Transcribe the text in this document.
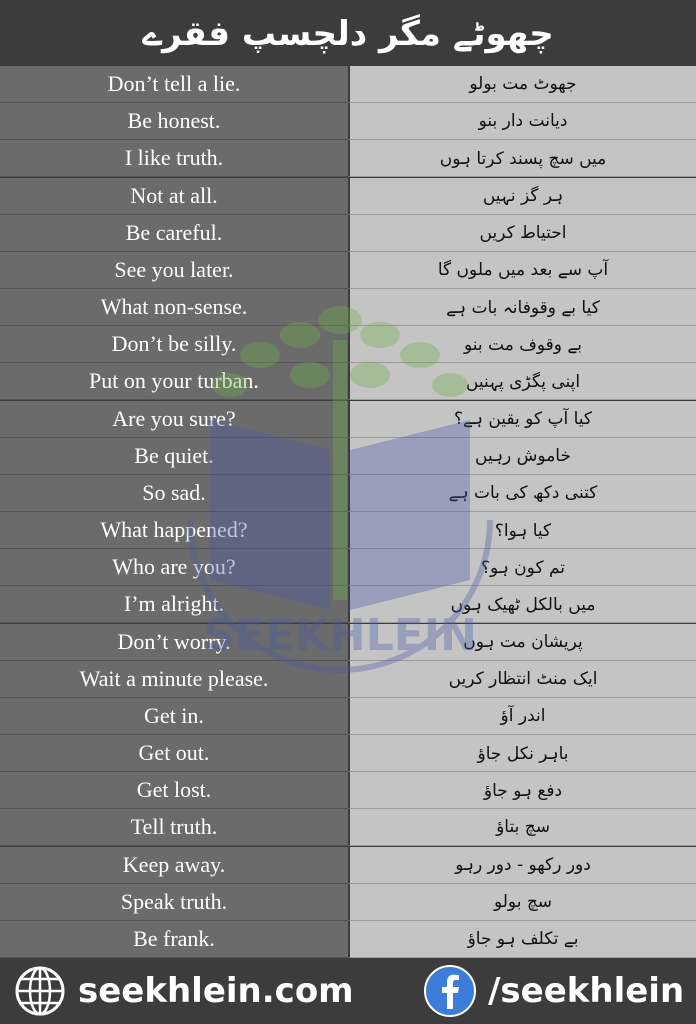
چھوٹے مگر دلچسپ فقرے
Don’t tell a lie.	جھوٹ مت بولو
Be honest.	دیانت دار بنو
I like truth.	میں سچ پسند کرتا ہوں
Not at all.	ہر گز نہیں
Be careful.	احتیاط کریں
See you later.	آپ سے بعد میں ملوں گا
What non-sense.	کیا بے وقوفانہ بات ہے
Don’t be silly.	بے وقوف مت بنو
Put on your turban.	اپنی پگڑی پہنیں
Are you sure?	کیا آپ کو یقین ہے؟
Be quiet.	خاموش رہیں
So sad.	کتنی دکھ کی بات ہے
What happened?	کیا ہوا؟
Who are you?	تم کون ہو؟
I’m alright.	میں بالکل ٹھیک ہوں
Don’t worry.	پریشان مت ہوں
Wait a minute please.	ایک منٹ انتظار کریں
Get in.	اندر آؤ
Get out.	باہر نکل جاؤ
Get lost.	دفع ہو جاؤ
Tell truth.	سچ بتاؤ
Keep away.	دور رکھو - دور رہو
Speak truth.	سچ بولو
Be frank.	بے تکلف ہو جاؤ
SEEKHLEIN
seekhlein.com	/seekhlein
